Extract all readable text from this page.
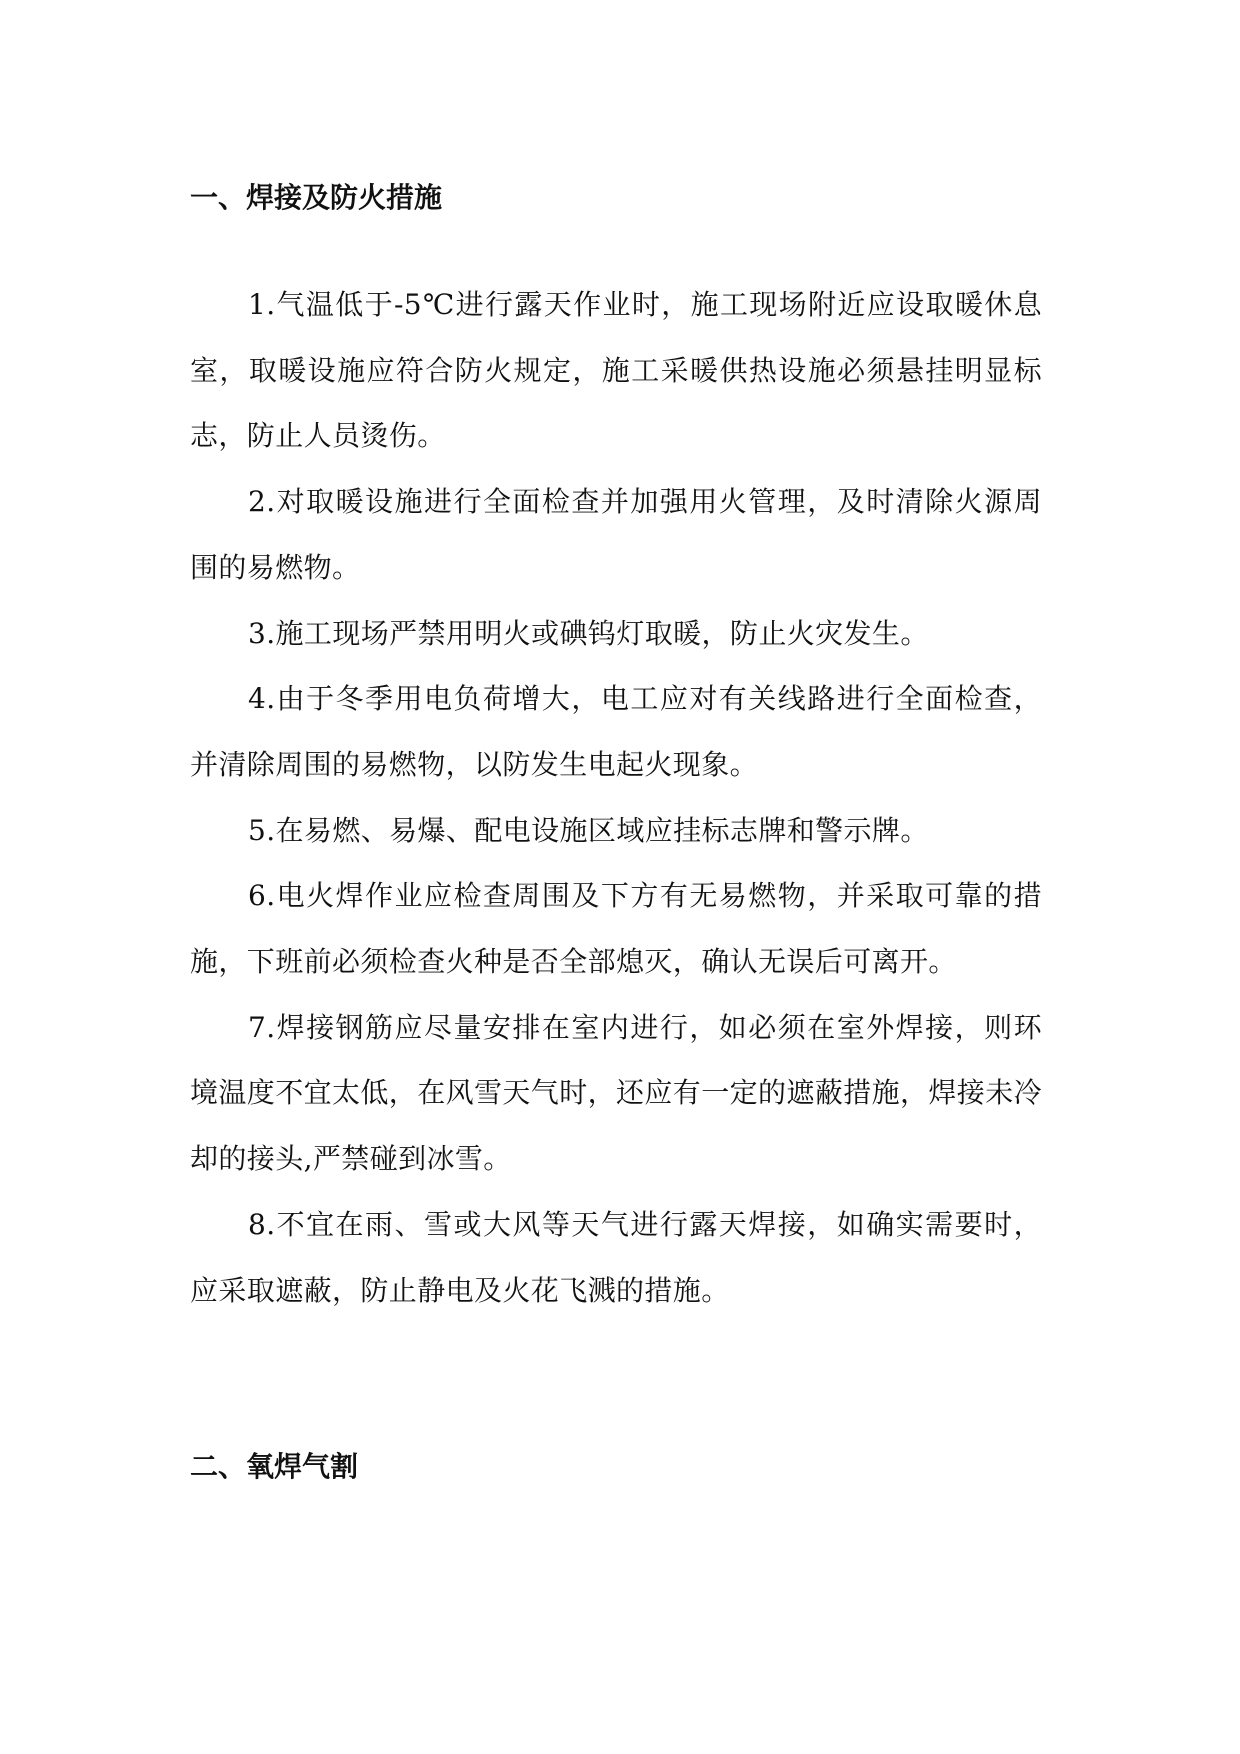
一、焊接及防火措施

1.气温低于-5℃进行露天作业时，施工现场附近应设取暖休息室，取暖设施应符合防火规定，施工采暖供热设施必须悬挂明显标志，防止人员烫伤。

2.对取暖设施进行全面检查并加强用火管理，及时清除火源周围的易燃物。

3.施工现场严禁用明火或碘钨灯取暖，防止火灾发生。

4.由于冬季用电负荷增大，电工应对有关线路进行全面检查，并清除周围的易燃物，以防发生电起火现象。

5.在易燃、易爆、配电设施区域应挂标志牌和警示牌。

6.电火焊作业应检查周围及下方有无易燃物，并采取可靠的措施，下班前必须检查火种是否全部熄灭，确认无误后可离开。

7.焊接钢筋应尽量安排在室内进行，如必须在室外焊接，则环境温度不宜太低，在风雪天气时，还应有一定的遮蔽措施，焊接未冷却的接头,严禁碰到冰雪。

8.不宜在雨、雪或大风等天气进行露天焊接，如确实需要时，应采取遮蔽，防止静电及火花飞溅的措施。

二、氧焊气割
